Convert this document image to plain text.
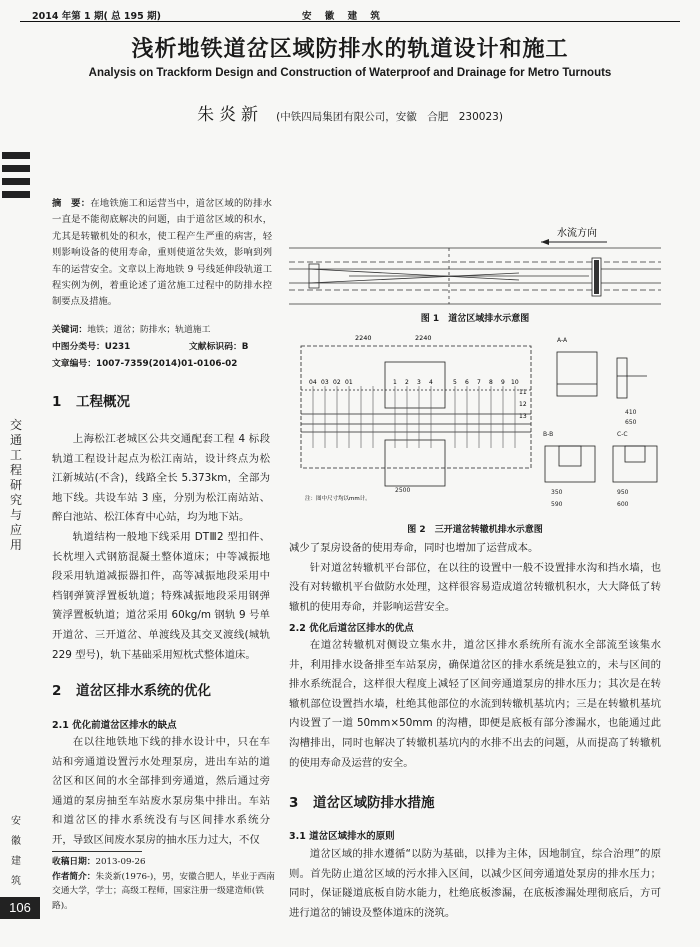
2014 年第 1 期( 总 195 期)	安 徽 建 筑
浅析地铁道岔区域防排水的轨道设计和施工
Analysis on Trackform Design and Construction of Waterproof and Drainage for Metro Turnouts
朱炎新 (中铁四局集团有限公司，安徽　合肥　230023)
交
通
工
程
研
究
与
应
用
安
徽
建
筑
106
摘　要：在地铁施工和运营当中，道岔区域的防排水一直是不能彻底解决的问题，由于道岔区域的积水，尤其是转辙机处的积水，使工程产生严重的病害，轻则影响设备的使用寿命，重则使道岔失效，影响到列车的运营安全。文章以上海地铁 9 号线延伸段轨道工程实例为例，着重论述了道岔施工过程中的防排水控制要点及措施。
关键词：地铁；道岔；防排水；轨道施工
中图分类号：U231	文献标识码：B
文章编号：1007-7359(2014)01-0106-02
1 工程概况

上海松江老城区公共交通配套工程 4 标段轨道工程设计起点为松江南站，设计终点为松江新城站(不含)，线路全长 5.373km，全部为地下线。共设车站 3 座，分别为松江南站站、醉白池站、松江体育中心站，均为地下站。

轨道结构一般地下线采用 DTⅢ2 型扣件、长枕埋入式钢筋混凝土整体道床；中等减振地段采用轨道减振器扣件，高等减振地段采用中档钢弹簧浮置板轨道；特殊减振地段采用钢弹簧浮置板轨道；道岔采用 60kg/m 钢轨 9 号单开道岔、三开道岔、单渡线及其交叉渡线(城轨 229 型号)，轨下基础采用短枕式整体道床。

2 道岔区排水系统的优化
2.1 优化前道岔区排水的缺点

在以往地铁地下线的排水设计中，只在车站和旁通道设置污水处理泵房，进出车站的道岔区和区间的水全部排到旁通道，然后通过旁通道的泵房抽至车站废水泵房集中排出。车站和道岔区的排水系统没有与区间排水系统分开，导致区间废水泵房的抽水压力过大，不仅

收稿日期：2013-09-26
作者简介：朱炎新(1976-)，男，安徽合肥人，毕业于西南交通大学，学士；高级工程师，国家注册一级建造师(铁路)。
水流方向
图 1　道岔区域排水示意图
04 03 02 01	1 2 3 4	5 6 7 8 9 10
11
12
13
2240	2240
注：图中尺寸均以mm计。
A-A
410
650
B-B	C-C
350	950
590	600
2500
图 2　三开道岔转辙机排水示意图

减少了泵房设备的使用寿命，同时也增加了运营成本。

针对道岔转辙机平台部位，在以往的设置中一般不设置排水沟和挡水墙，也没有对转辙机平台做防水处理，这样很容易造成道岔转辙机积水，大大降低了转辙机的使用寿命，并影响运营安全。

2.2 优化后道岔区排水的优点

在道岔转辙机对侧设立集水井，道岔区排水系统所有流水全部流至该集水井，利用排水设备排至车站泵房，确保道岔区的排水系统是独立的，未与区间的排水系统混合，这样很大程度上减轻了区间旁通道泵房的排水压力；其次是在转辙机部位设置挡水墙，杜绝其他部位的水流到转辙机基坑内；三是在转辙机基坑内设置了一道 50mm×50mm 的沟槽，即便是底板有部分渗漏水，也能通过此沟槽排出，同时也解决了转辙机基坑内的水排不出去的问题，从而提高了转辙机的使用寿命及运营的安全。

3 道岔区域防排水措施
3.1 道岔区域排水的原则

道岔区域的排水遵循“以防为基础，以排为主体，因地制宜，综合治理”的原则。首先防止道岔区域的污水排入区间，以减少区间旁通道处泵房的排水压力；同时，保证隧道底板自防水能力，杜绝底板渗漏，在底板渗漏处理彻底后，方可进行道岔的铺设及整体道床的浇筑。
